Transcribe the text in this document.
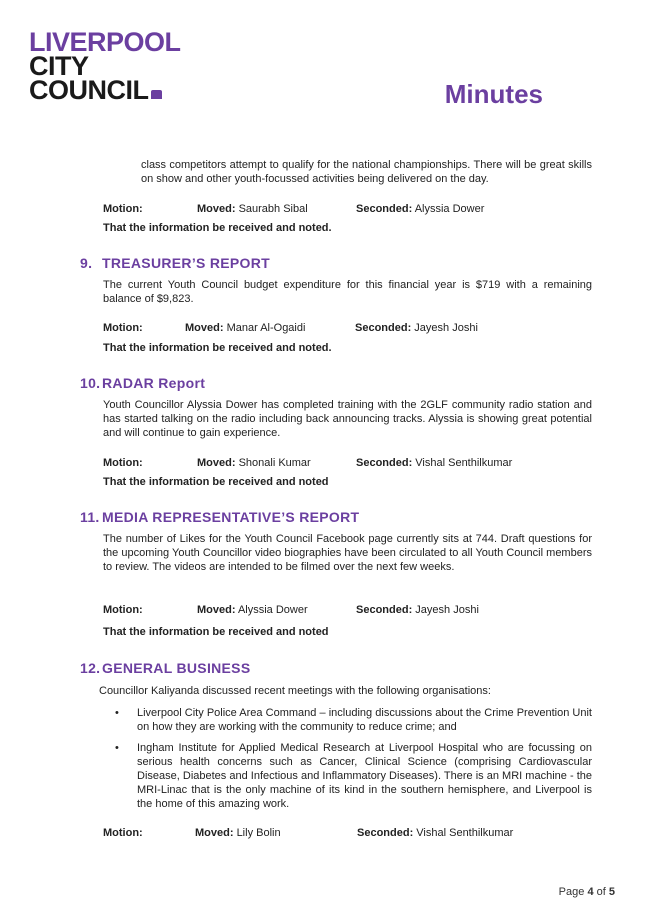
LIVERPOOL
CITY
COUNCIL	Minutes

class competitors attempt to qualify for the national championships. There will be great skills on show and other youth-focussed activities being delivered on the day.

Motion:	Moved: Saurabh Sibal	Seconded: Alyssia Dower
That the information be received and noted.
9. TREASURER’S REPORT

The current Youth Council budget expenditure for this financial year is $719 with a remaining balance of $9,823.

Motion:	Moved: Manar Al-Ogaidi	Seconded: Jayesh Joshi
That the information be received and noted.
10. RADAR Report

Youth Councillor Alyssia Dower has completed training with the 2GLF community radio station and has started talking on the radio including back announcing tracks. Alyssia is showing great potential and will continue to gain experience.

Motion:	Moved: Shonali Kumar	Seconded: Vishal Senthilkumar
That the information be received and noted
11. MEDIA REPRESENTATIVE’S REPORT

The number of Likes for the Youth Council Facebook page currently sits at 744. Draft questions for the upcoming Youth Councillor video biographies have been circulated to all Youth Council members to review. The videos are intended to be filmed over the next few weeks.

Motion:	Moved: Alyssia Dower	Seconded: Jayesh Joshi
That the information be received and noted
12. GENERAL BUSINESS

Councillor Kaliyanda discussed recent meetings with the following organisations:

• Liverpool City Police Area Command – including discussions about the Crime Prevention Unit on how they are working with the community to reduce crime; and
• Ingham Institute for Applied Medical Research at Liverpool Hospital who are focussing on serious health concerns such as Cancer, Clinical Science (comprising Cardiovascular Disease, Diabetes and Infectious and Inflammatory Diseases). There is an MRI machine - the MRI-Linac that is the only machine of its kind in the southern hemisphere, and Liverpool is the home of this amazing work.
Motion:	Moved: Lily Bolin	Seconded: Vishal Senthilkumar
Page 4 of 5
